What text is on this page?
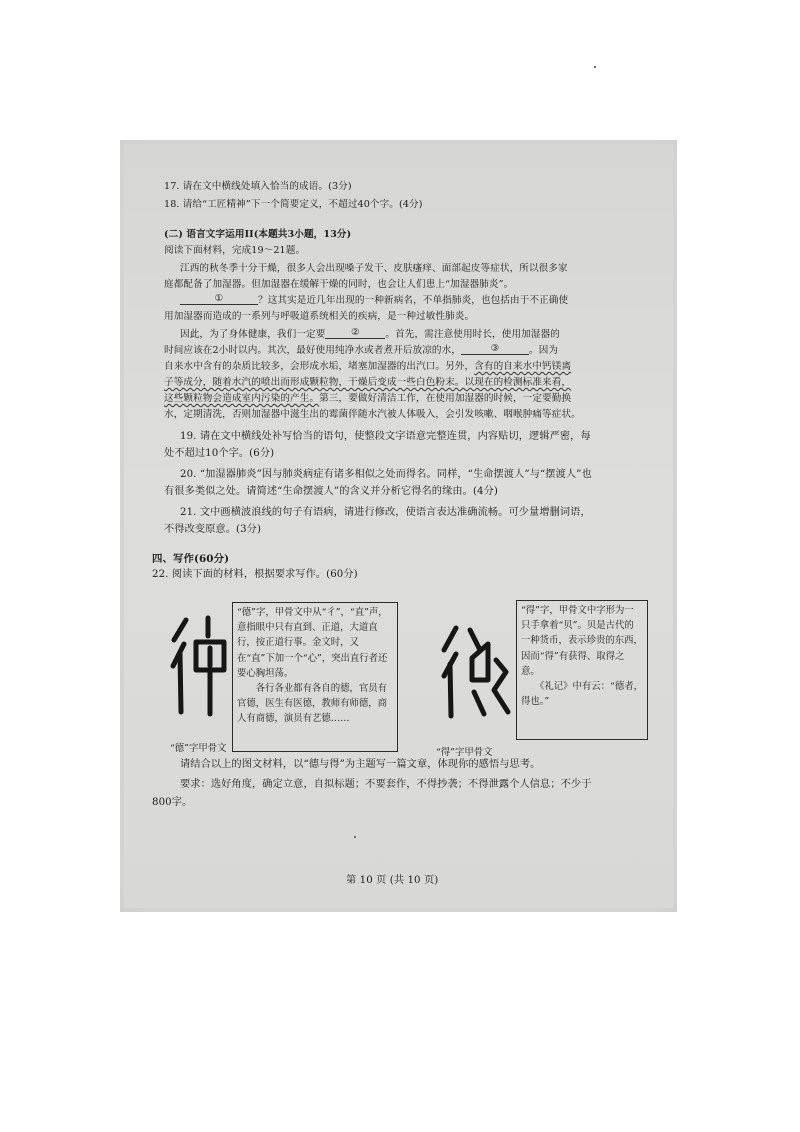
17. 请在文中横线处填入恰当的成语。(3分)
18. 请给“工匠精神”下一个简要定义，不超过40个字。(4分)
(二) 语言文字运用II(本题共3小题，13分)
阅读下面材料，完成19～21题。
江西的秋冬季十分干燥，很多人会出现嗓子发干、皮肤瘙痒、面部起皮等症状，所以很多家
庭都配备了加湿器。但加湿器在缓解干燥的同时，也会让人们患上“加湿器肺炎”。
①	？这其实是近几年出现的一种新病名，不单指肺炎，也包括由于不正确使
用加湿器而造成的一系列与呼吸道系统相关的疾病，是一种过敏性肺炎。
因此，为了身体健康，我们一定要	②	。首先，需注意使用时长，使用加湿器的
时间应该在2小时以内。其次，最好使用纯净水或者煮开后放凉的水，	③	。因为
自来水中含有的杂质比较多，会形成水垢，堵塞加湿器的出汽口。另外，含有的自来水中钙镁离
子等成分，随着水汽的喷出而形成颗粒物，干燥后变成一些白色粉末。以现在的检测标准来看，
这些颗粒物会造成室内污染的产生。第三，要做好清洁工作，在使用加湿器的时候，一定要勤换
水，定期清洗，否则加湿器中滋生出的霉菌伴随水汽被人体吸入，会引发咳嗽、咽喉肿痛等症状。
19. 请在文中横线处补写恰当的语句，使整段文字语意完整连贯，内容贴切，逻辑严密，每
处不超过10个字。(6分)
20. “加湿器肺炎”因与肺炎病症有诸多相似之处而得名。同样，“生命摆渡人”与“摆渡人”也
有很多类似之处。请简述“生命摆渡人”的含义并分析它得名的缘由。(4分)
21. 文中画横波浪线的句子有语病，请进行修改，使语言表达准确流畅。可少量增删词语，
不得改变原意。(3分)
四、写作(60分)
22. 阅读下面的材料，根据要求写作。(60分)
“德”字甲骨文
“德”字，甲骨文中从“彳”，“直”声，意指眼中只有直到、正道，大道直行，按正道行事。金文时，又在“直”下加一个“心”，突出直行者还要心胸坦荡。
　　各行各业都有各自的德，官员有官德，医生有医德，教师有师德，商人有商德，演员有艺德……
“得”字甲骨文
“得”字，甲骨文中字形为一只手拿着“贝”。贝是古代的一种货币，表示珍贵的东西，因而“得”有获得、取得之意。
　　《礼记》中有云：“德者，得也。”
请结合以上的图文材料，以“德与得”为主题写一篇文章，体现你的感悟与思考。
要求：选好角度，确定立意，自拟标题；不要套作，不得抄袭；不得泄露个人信息；不少于
800字。
第 10 页 (共 10 页)
